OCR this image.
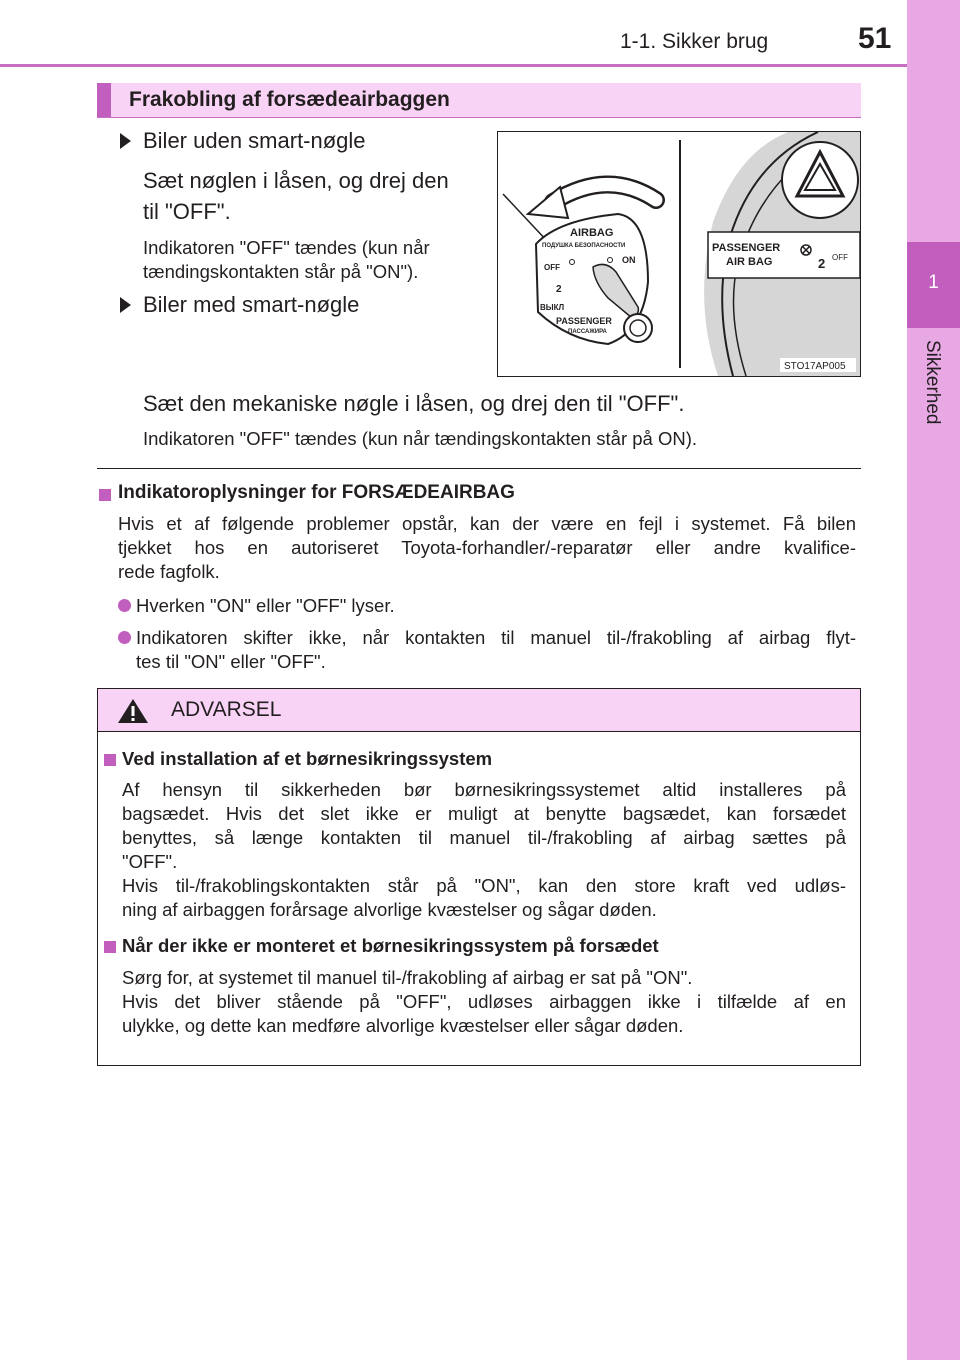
1-1. Sikker brug	51
1
Sikkerhed
Frakobling af forsædeairbaggen
Biler uden smart-nøgle
Sæt nøglen i låsen, og drej den
til "OFF".
Indikatoren "OFF" tændes (kun når
tændingskontakten står på "ON").
Biler med smart-nøgle
Sæt den mekaniske nøgle i låsen, og drej den til "OFF".
Indikatoren "OFF" tændes (kun når tændingskontakten står på ON).
AIRBAG
ПОДУШКА БЕЗОПАСНОСТИ
OFF
ON
ВЫКЛ
PASSENGER
ПАССАЖИРА
2
PASSENGER
AIR BAG	2 OFF
STO17AP005
Indikatoroplysninger for FORSÆDEAIRBAG
Hvis et af følgende problemer opstår, kan der være en fejl i systemet. Få bilen
tjekket hos en autoriseret Toyota-forhandler/-reparatør eller andre kvalifice-
rede fagfolk.
Hverken "ON" eller "OFF" lyser.
Indikatoren skifter ikke, når kontakten til manuel til-/frakobling af airbag flyt-
tes til "ON" eller "OFF".
ADVARSEL
Ved installation af et børnesikringssystem
Af hensyn til sikkerheden bør børnesikringssystemet altid installeres på
bagsædet. Hvis det slet ikke er muligt at benytte bagsædet, kan forsædet
benyttes, så længe kontakten til manuel til-/frakobling af airbag sættes på
"OFF".
Hvis til-/frakoblingskontakten står på "ON", kan den store kraft ved udløs-
ning af airbaggen forårsage alvorlige kvæstelser og sågar døden.
Når der ikke er monteret et børnesikringssystem på forsædet
Sørg for, at systemet til manuel til-/frakobling af airbag er sat på "ON".
Hvis det bliver stående på "OFF", udløses airbaggen ikke i tilfælde af en
ulykke, og dette kan medføre alvorlige kvæstelser eller sågar døden.
